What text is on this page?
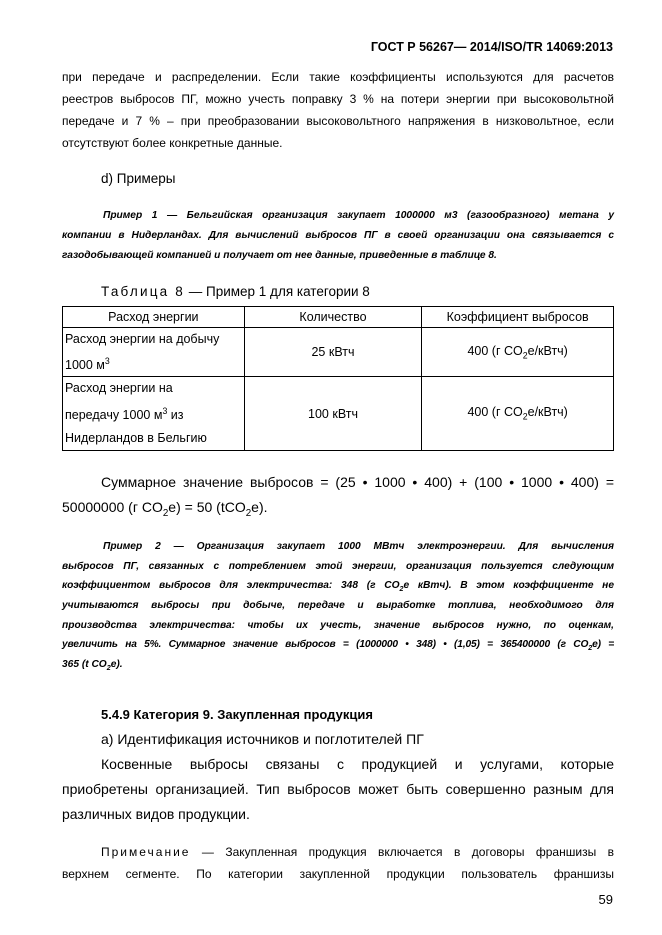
ГОСТ Р 56267— 2014/ISO/TR 14069:2013
при передаче и распределении. Если такие коэффициенты используются для расчетов
реестров выбросов ПГ, можно учесть поправку 3 % на потери энергии при высоковольтной
передаче и 7 % – при преобразовании высоковольтного напряжения в низковольтное, если
отсутствуют более конкретные данные.
d) Примеры
Пример 1 — Бельгийская организация закупает 1000000 м3 (газообразного) метана у
компании в Нидерландах. Для вычислений выбросов ПГ в своей организации она связывается с
газодобывающей компанией и получает от нее данные, приведенные в таблице 8.
Таблица 8 — Пример 1 для категории 8
Расход энергии	Количество	Коэффициент выбросов

Расход энергии на добычу
1000 $м^3$	25 кВтч	400 (г $CO_2е/кВтч$)

Расход энергии на
передачу 1000 $м^3$ из
Нидерландов в Бельгию	100 кВтч	400 (г $CO_2е/кВтч$)
Суммарное значение выбросов = (25 • 1000 • 400) + (100 • 1000 • 400) =
50000000 (г $CO_2е) = 50$ (tCO$_2$е).
Пример 2 — Организация закупает 1000 MBтч электроэнергии. Для вычисления
выбросов ПГ, связанных с потреблением этой энергии, организация пользуется следующим
коэффициентом выбросов для электричества: 348 (г $CO_2е$ кВтч). В этом коэффициенте не
учитываются выбросы при добыче, передаче и выработке топлива, необходимого для
производства электричества: чтобы их учесть, значение выбросов нужно, по оценкам,
увеличить на 5%. Суммарное значение выбросов = (1000000 • 348) • (1,05) = 365400000 (г $CO_2е$) =
365 (t $CO_2e$).
5.4.9 Категория 9. Закупленная продукция
a) Идентификация источников и поглотителей ПГ
Косвенные выбросы связаны с продукцией и услугами, которые
приобретены организацией. Тип выбросов может быть совершенно разным для
различных видов продукции.
Примечание — Закупленная продукция включается в договоры франшизы в
верхнем сегменте. По категории закупленной продукции пользователь франшизы
59
